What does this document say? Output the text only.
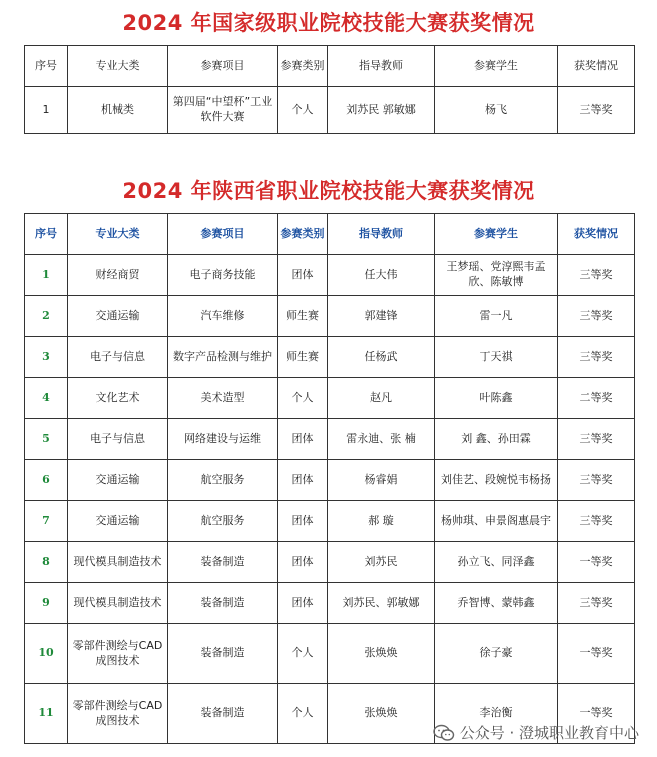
2024 年国家级职业院校技能大赛获奖情况
序号	专业大类	参赛项目	参赛类别	指导教师	参赛学生	获奖情况
1	机械类	第四届“中望杯”工业软件大赛	个人	刘苏民 郭敏娜	杨飞	三等奖
2024 年陕西省职业院校技能大赛获奖情况
序号	专业大类	参赛项目	参赛类别	指导教师	参赛学生	获奖情况
1	财经商贸	电子商务技能	团体	任大伟	王梦瑶、党淳熙韦孟欣、陈敏博	三等奖
2	交通运输	汽车维修	师生赛	郭建锋	雷一凡	三等奖
3	电子与信息	数字产品检测与维护	师生赛	任杨武	丁天祺	三等奖
4	文化艺术	美术造型	个人	赵凡	叶陈鑫	二等奖
5	电子与信息	网络建设与运维	团体	雷永迪、张 楠	刘 鑫、孙田霖	三等奖
6	交通运输	航空服务	团体	杨睿娟	刘佳艺、段婉悦韦杨扬	三等奖
7	交通运输	航空服务	团体	郝 璇	杨帅琪、申景阁惠晨宇	三等奖
8	现代模具制造技术	装备制造	团体	刘苏民	孙立飞、同泽鑫	一等奖
9	现代模具制造技术	装备制造	团体	刘苏民、郭敏娜	乔智博、蒙韩鑫	三等奖
10	零部件测绘与CAD成图技术	装备制造	个人	张焕焕	徐子豪	一等奖
11	零部件测绘与CAD成图技术	装备制造	个人	张焕焕	李治衡	一等奖
公众号 · 澄城职业教育中心
